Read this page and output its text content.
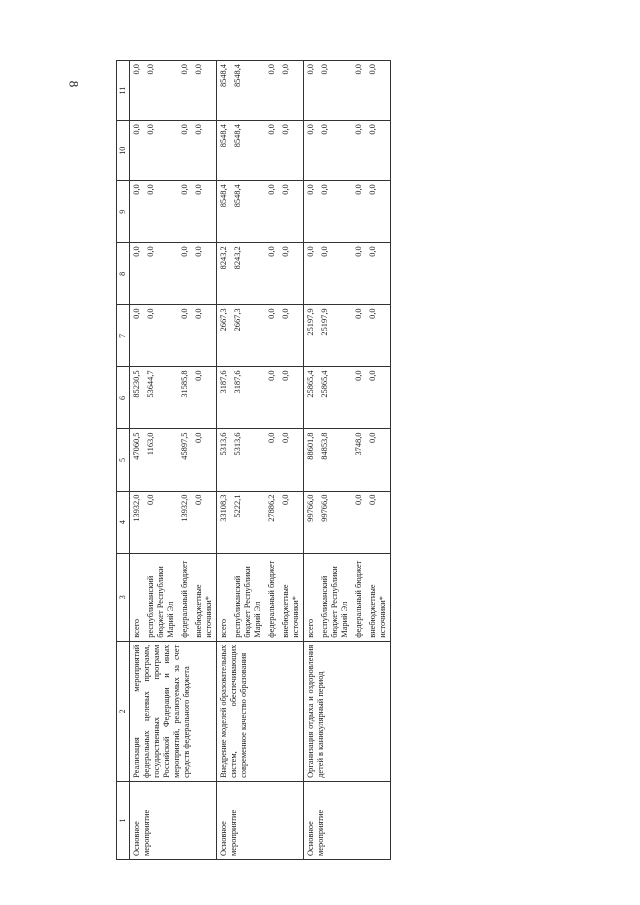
8
1	2	3	4	5	6	7	8	9	10	11
Основное мероприятие	Реализация мероприятий федеральных целевых программ, государственных программ Российской Федерации и иных мероприятий, реализуемых за счет средств федерального бюджета	всего	13932,0	47060,5	85230,5	0,0	0,0	0,0	0,0	0,0
		республиканский бюджет Республики Марий Эл	0,0	1163,0	53644,7	0,0	0,0	0,0	0,0	0,0
		федеральный бюджет	13932,0	45897,5	31585,8	0,0	0,0	0,0	0,0	0,0
		внебюджетные источники*	0,0	0,0	0,0	0,0	0,0	0,0	0,0	0,0
Основное мероприятие	Внедрение моделей образовательных систем, обеспечивающих современное качество образования	всего	33108,3	5313,6	3187,6	2667,3	8243,2	8548,4	8548,4	8548,4
		республиканский бюджет Республики Марий Эл	5222,1	5313,6	3187,6	2667,3	8243,2	8548,4	8548,4	8548,4
		федеральный бюджет	27886,2	0,0	0,0	0,0	0,0	0,0	0,0	0,0
		внебюджетные источники*	0,0	0,0	0,0	0,0	0,0	0,0	0,0	0,0
Основное мероприятие	Организация отдыха и оздоровления детей в каникулярный период	всего	99766,0	88601,8	25865,4	25197,9	0,0	0,0	0,0	0,0
		республиканский бюджет Республики Марий Эл	99766,0	84853,8	25865,4	25197,9	0,0	0,0	0,0	0,0
		федеральный бюджет	0,0	3748,0	0,0	0,0	0,0	0,0	0,0	0,0
		внебюджетные источники*	0,0	0,0	0,0	0,0	0,0	0,0	0,0	0,0
